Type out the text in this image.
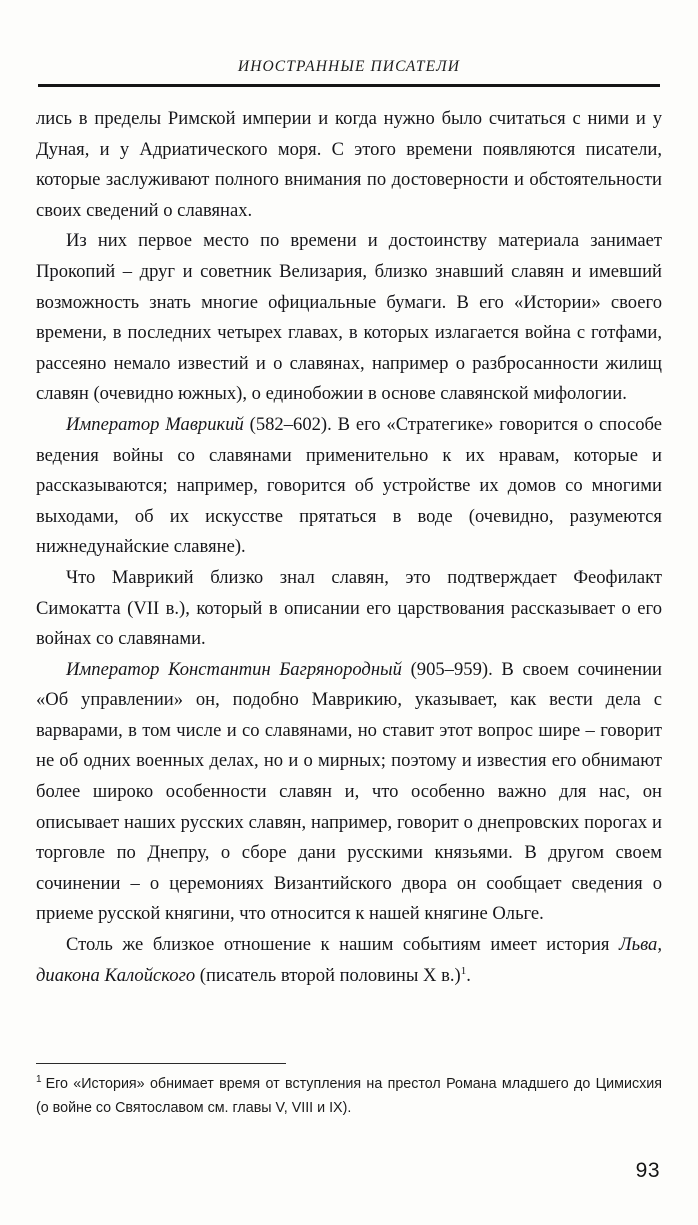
ИНОСТРАННЫЕ ПИСАТЕЛИ

лись в пределы Римской империи и когда нужно было считаться с ними и у Дуная, и у Адриатического моря. С этого времени появляются писатели, которые заслуживают полного внимания по достоверности и обстоятельности своих сведений о славянах.

Из них первое место по времени и достоинству материала занимает Прокопий – друг и советник Велизария, близко знавший славян и имевший возможность знать многие официальные бумаги. В его «Истории» своего времени, в последних четырех главах, в которых излагается война с готфами, рассеяно немало известий и о славянах, например о разбросанности жилищ славян (очевидно южных), о единобожии в основе славянской мифологии.

Император Маврикий (582–602). В его «Стратегике» говорится о способе ведения войны со славянами применительно к их нравам, которые и рассказываются; например, говорится об устройстве их домов со многими выходами, об их искусстве прятаться в воде (очевидно, разумеются нижнедунайские славяне).

Что Маврикий близко знал славян, это подтверждает Феофилакт Симокатта (VII в.), который в описании его царствования рассказывает о его войнах со славянами.

Император Константин Багрянородный (905–959). В своем сочинении «Об управлении» он, подобно Маврикию, указывает, как вести дела с варварами, в том числе и со славянами, но ставит этот вопрос шире – говорит не об одних военных делах, но и о мирных; поэтому и известия его обнимают более широко особенности славян и, что особенно важно для нас, он описывает наших русских славян, например, говорит о днепровских порогах и торговле по Днепру, о сборе дани русскими князьями. В другом своем сочинении – о церемониях Византийского двора он сообщает сведения о приеме русской княгини, что относится к нашей княгине Ольге.

Столь же близкое отношение к нашим событиям имеет история Льва, диакона Калойского (писатель второй половины X в.)$^1$.

$^1$ Его «История» обнимает время от вступления на престол Романа младшего до Цимисхия (о войне со Святославом см. главы V, VIII и IX).
93
